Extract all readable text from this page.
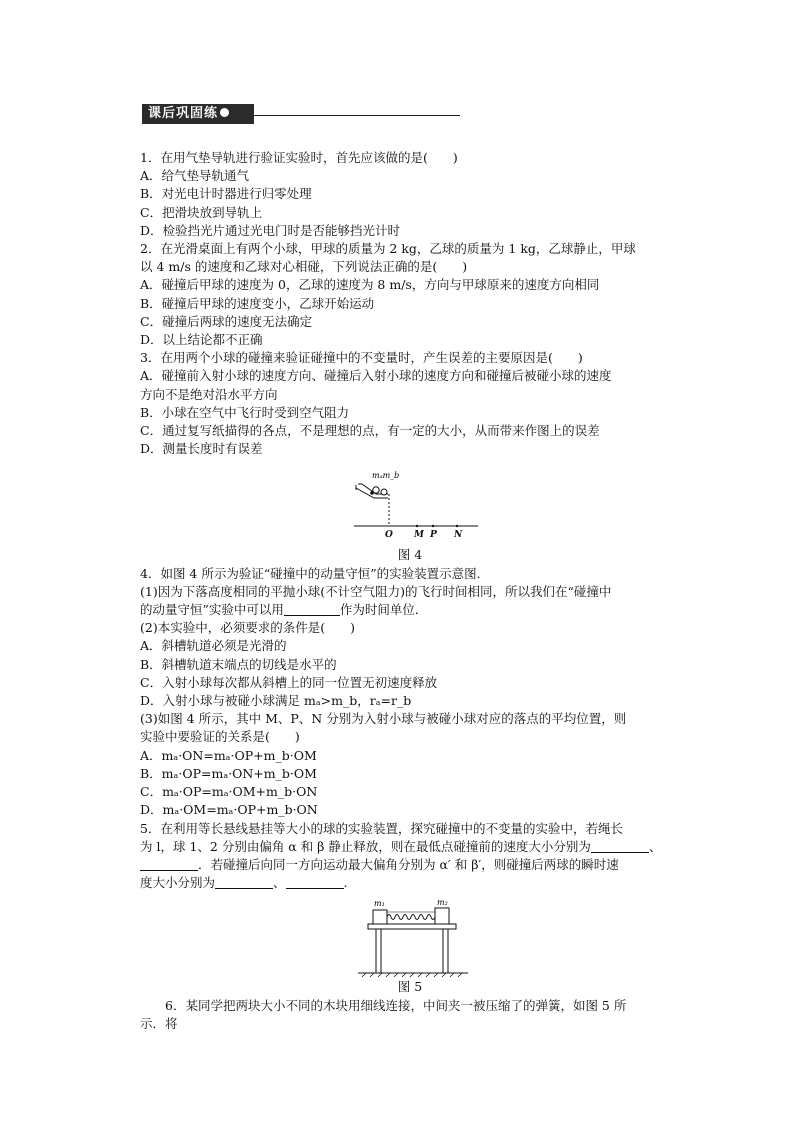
课后巩固练

1．在用气垫导轨进行验证实验时，首先应该做的是(　　)

A．给气垫导轨通气

B．对光电计时器进行归零处理

C．把滑块放到导轨上

D．检验挡光片通过光电门时是否能够挡光计时

2．在光滑桌面上有两个小球，甲球的质量为 2 kg，乙球的质量为 1 kg，乙球静止，甲球

以 4 m/s 的速度和乙球对心相碰，下列说法正确的是(　　)

A．碰撞后甲球的速度为 0，乙球的速度为 8 m/s，方向与甲球原来的速度方向相同

B．碰撞后甲球的速度变小，乙球开始运动

C．碰撞后两球的速度无法确定

D．以上结论都不正确

3．在用两个小球的碰撞来验证碰撞中的不变量时，产生误差的主要原因是(　　)

A．碰撞前入射小球的速度方向、碰撞后入射小球的速度方向和碰撞后被碰小球的速度

方向不是绝对沿水平方向

B．小球在空气中飞行时受到空气阻力

C．通过复写纸描得的各点，不是理想的点，有一定的大小，从而带来作图上的误差

D．测量长度时有误差

mₐm_b
O M P N

图 4

4．如图 4 所示为验证“碰撞中的动量守恒”的实验装置示意图．

(1)因为下落高度相同的平抛小球(不计空气阻力)的飞行时间相同，所以我们在“碰撞中

的动量守恒”实验中可以用	作为时间单位．

(2)本实验中，必须要求的条件是(　　)

A．斜槽轨道必须是光滑的

B．斜槽轨道末端点的切线是水平的

C．入射小球每次都从斜槽上的同一位置无初速度释放

D．入射小球与被碰小球满足 mₐ>m_b，rₐ=r_b

(3)如图 4 所示，其中 M、P、N 分别为入射小球与被碰小球对应的落点的平均位置，则

实验中要验证的关系是(　　)

A．mₐ·ON=mₐ·OP+m_b·OM

B．mₐ·OP=mₐ·ON+m_b·OM

C．mₐ·OP=mₐ·OM+m_b·ON

D．mₐ·OM=mₐ·OP+m_b·ON

5．在利用等长悬线悬挂等大小的球的实验装置，探究碰撞中的不变量的实验中，若绳长

为 l，球 1、2 分别由偏角 α 和 β 静止释放，则在最低点碰撞前的速度大小分别为	、

．若碰撞后向同一方向运动最大偏角分别为 α′ 和 β′，则碰撞后两球的瞬时速

度大小分别为	、	.

m₁	m₂

图 5

6．某同学把两块大小不同的木块用细线连接，中间夹一被压缩了的弹簧，如图 5 所

示．将
